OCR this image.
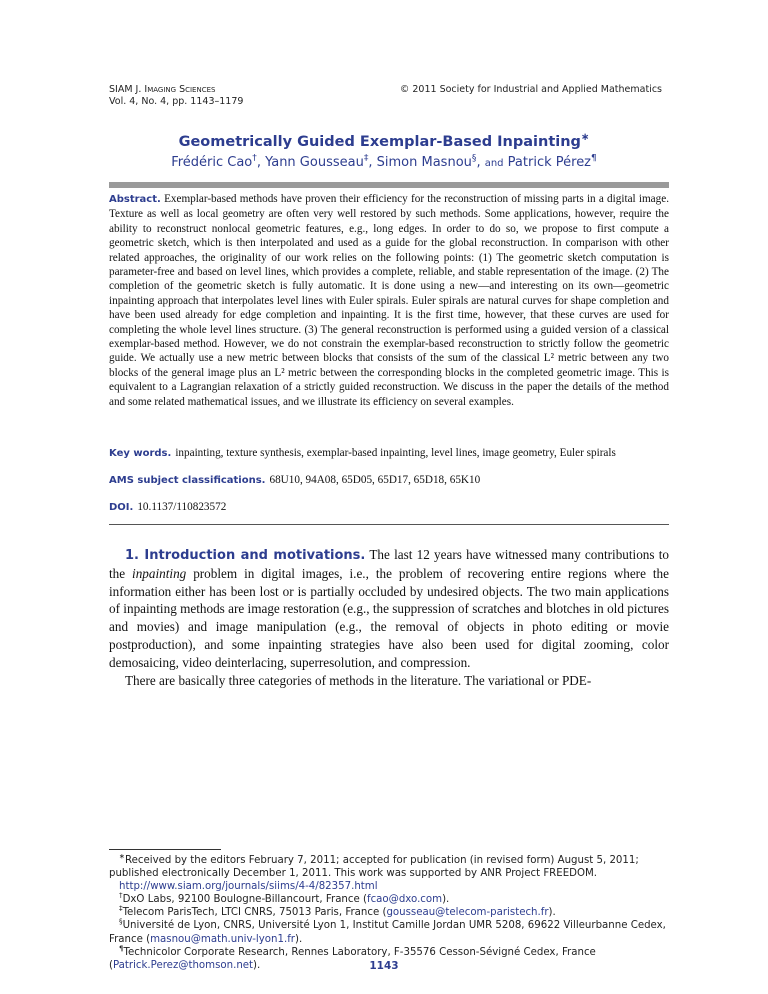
SIAM J. Imaging Sciences
Vol. 4, No. 4, pp. 1143–1179
© 2011 Society for Industrial and Applied Mathematics
Geometrically Guided Exemplar-Based Inpainting∗
Frédéric Cao†, Yann Gousseau‡, Simon Masnou§, and Patrick Pérez¶
Abstract. Exemplar-based methods have proven their efficiency for the reconstruction of missing parts in a digital image. Texture as well as local geometry are often very well restored by such methods. Some applications, however, require the ability to reconstruct nonlocal geometric features, e.g., long edges. In order to do so, we propose to first compute a geometric sketch, which is then interpolated and used as a guide for the global reconstruction. In comparison with other related approaches, the originality of our work relies on the following points: (1) The geometric sketch computation is parameter-free and based on level lines, which provides a complete, reliable, and stable representation of the image. (2) The completion of the geometric sketch is fully automatic. It is done using a new—and interesting on its own—geometric inpainting approach that interpolates level lines with Euler spirals. Euler spirals are natural curves for shape completion and have been used already for edge completion and inpainting. It is the first time, however, that these curves are used for completing the whole level lines structure. (3) The general reconstruction is performed using a guided version of a classical exemplar-based method. However, we do not constrain the exemplar-based reconstruction to strictly follow the geometric guide. We actually use a new metric between blocks that consists of the sum of the classical L² metric between any two blocks of the general image plus an L² metric between the corresponding blocks in the completed geometric image. This is equivalent to a Lagrangian relaxation of a strictly guided reconstruction. We discuss in the paper the details of the method and some related mathematical issues, and we illustrate its efficiency on several examples.
Key words. inpainting, texture synthesis, exemplar-based inpainting, level lines, image geometry, Euler spirals
AMS subject classifications. 68U10, 94A08, 65D05, 65D17, 65D18, 65K10
DOI. 10.1137/110823572

1. Introduction and motivations. The last 12 years have witnessed many contributions to the inpainting problem in digital images, i.e., the problem of recovering entire regions where the information either has been lost or is partially occluded by undesired objects. The two main applications of inpainting methods are image restoration (e.g., the suppression of scratches and blotches in old pictures and movies) and image manipulation (e.g., the removal of objects in photo editing or movie postproduction), and some inpainting strategies have also been used for digital zooming, color demosaicing, video deinterlacing, superresolution, and compression.

There are basically three categories of methods in the literature. The variational or PDE-

∗Received by the editors February 7, 2011; accepted for publication (in revised form) August 5, 2011; published electronically December 1, 2011. This work was supported by ANR Project FREEDOM.

http://www.siam.org/journals/siims/4-4/82357.html

†DxO Labs, 92100 Boulogne-Billancourt, France (fcao@dxo.com).

‡Telecom ParisTech, LTCI CNRS, 75013 Paris, France (gousseau@telecom-paristech.fr).

§Université de Lyon, CNRS, Université Lyon 1, Institut Camille Jordan UMR 5208, 69622 Villeurbanne Cedex, France (masnou@math.univ-lyon1.fr).

¶Technicolor Corporate Research, Rennes Laboratory, F-35576 Cesson-Sévigné Cedex, France (Patrick.Perez@thomson.net).	1143
